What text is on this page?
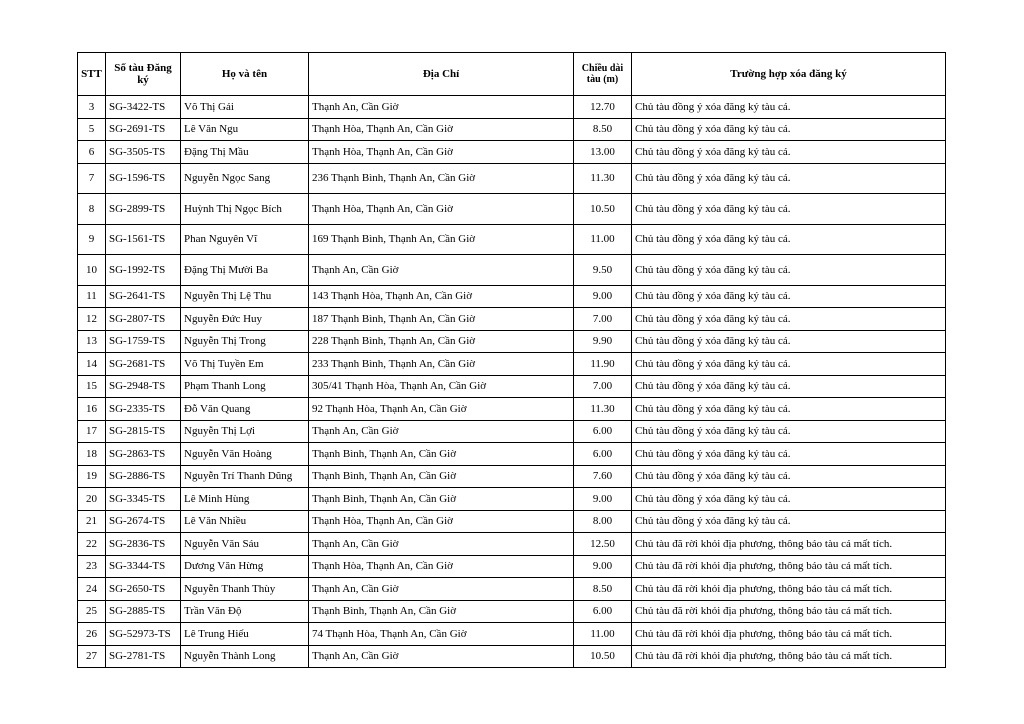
STT	Số tàu Đăng ký	Họ và tên	Địa Chỉ	Chiều dài tàu (m)	Trường hợp xóa đăng ký
3	SG-3422-TS	Võ Thị Gái	Thạnh An, Cần Giờ	12.70	Chủ tàu đồng ý xóa đăng ký tàu cá.
5	SG-2691-TS	Lê Văn Ngu	Thạnh Hòa, Thạnh An, Cần Giờ	8.50	Chủ tàu đồng ý xóa đăng ký tàu cá.
6	SG-3505-TS	Đặng Thị Mầu	Thạnh Hòa, Thạnh An, Cần Giờ	13.00	Chủ tàu đồng ý xóa đăng ký tàu cá.
7	SG-1596-TS	Nguyễn Ngọc Sang	236 Thạnh Bình, Thạnh An, Cần Giờ	11.30	Chủ tàu đồng ý xóa đăng ký tàu cá.
8	SG-2899-TS	Huỳnh Thị Ngọc Bích	Thạnh Hòa, Thạnh An, Cần Giờ	10.50	Chủ tàu đồng ý xóa đăng ký tàu cá.
9	SG-1561-TS	Phan Nguyên Vĩ	169 Thạnh Bình, Thạnh An, Cần Giờ	11.00	Chủ tàu đồng ý xóa đăng ký tàu cá.
10	SG-1992-TS	Đặng Thị Mười Ba	Thạnh An, Cần Giờ	9.50	Chủ tàu đồng ý xóa đăng ký tàu cá.
11	SG-2641-TS	Nguyễn Thị Lệ Thu	143 Thạnh Hòa, Thạnh An, Cần Giờ	9.00	Chủ tàu đồng ý xóa đăng ký tàu cá.
12	SG-2807-TS	Nguyễn Đức Huy	187 Thạnh Bình, Thạnh An, Cần Giờ	7.00	Chủ tàu đồng ý xóa đăng ký tàu cá.
13	SG-1759-TS	Nguyễn Thị Trong	228 Thạnh Bình, Thạnh An, Cần Giờ	9.90	Chủ tàu đồng ý xóa đăng ký tàu cá.
14	SG-2681-TS	Võ Thị Tuyền Em	233 Thạnh Bình, Thạnh An, Cần Giờ	11.90	Chủ tàu đồng ý xóa đăng ký tàu cá.
15	SG-2948-TS	Phạm Thanh Long	305/41 Thạnh Hòa, Thạnh An, Cần Giờ	7.00	Chủ tàu đồng ý xóa đăng ký tàu cá.
16	SG-2335-TS	Đỗ Văn Quang	92 Thạnh Hòa, Thạnh An, Cần Giờ	11.30	Chủ tàu đồng ý xóa đăng ký tàu cá.
17	SG-2815-TS	Nguyễn Thị Lợi	Thạnh An, Cần Giờ	6.00	Chủ tàu đồng ý xóa đăng ký tàu cá.
18	SG-2863-TS	Nguyễn Văn Hoàng	Thạnh Bình, Thạnh An, Cần Giờ	6.00	Chủ tàu đồng ý xóa đăng ký tàu cá.
19	SG-2886-TS	Nguyễn Trí Thanh Dũng	Thạnh Bình, Thạnh An, Cần Giờ	7.60	Chủ tàu đồng ý xóa đăng ký tàu cá.
20	SG-3345-TS	Lê Minh Hùng	Thạnh Bình, Thạnh An, Cần Giờ	9.00	Chủ tàu đồng ý xóa đăng ký tàu cá.
21	SG-2674-TS	Lê Văn Nhiều	Thạnh Hòa, Thạnh An, Cần Giờ	8.00	Chủ tàu đồng ý xóa đăng ký tàu cá.
22	SG-2836-TS	Nguyễn Văn Sáu	Thạnh An, Cần Giờ	12.50	Chủ tàu đã rời khỏi địa phương, thông báo tàu cá mất tích.
23	SG-3344-TS	Dương Văn Hừng	Thạnh Hòa, Thạnh An, Cần Giờ	9.00	Chủ tàu đã rời khỏi địa phương, thông báo tàu cá mất tích.
24	SG-2650-TS	Nguyễn Thanh Thùy	Thạnh An, Cần Giờ	8.50	Chủ tàu đã rời khỏi địa phương, thông báo tàu cá mất tích.
25	SG-2885-TS	Trần Văn Độ	Thạnh Bình, Thạnh An, Cần Giờ	6.00	Chủ tàu đã rời khỏi địa phương, thông báo tàu cá mất tích.
26	SG-52973-TS	Lê Trung Hiếu	74 Thạnh Hòa, Thạnh An, Cần Giờ	11.00	Chủ tàu đã rời khỏi địa phương, thông báo tàu cá mất tích.
27	SG-2781-TS	Nguyễn Thành Long	Thạnh An, Cần Giờ	10.50	Chủ tàu đã rời khỏi địa phương, thông báo tàu cá mất tích.
